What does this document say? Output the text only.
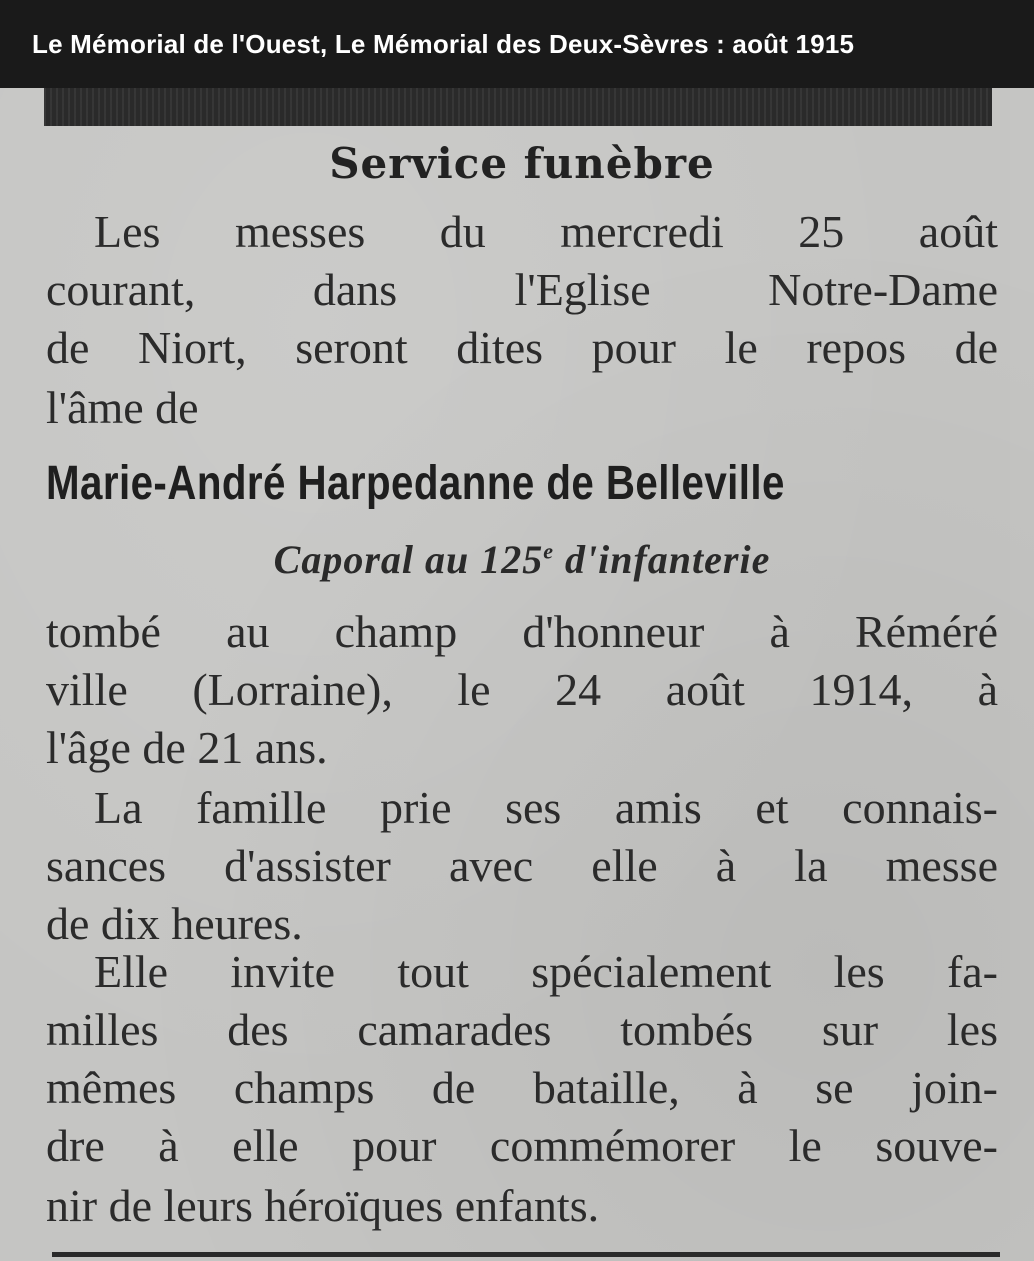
Le Mémorial de l'Ouest, Le Mémorial des Deux-Sèvres : août 1915
Service funèbre
Les messes du mercredi 25 août
courant, dans l'Eglise Notre-Dame
de Niort, seront dites pour le repos de
l'âme de
Marie-André Harpedanne de Belleville
Caporal au 125e d'infanterie
tombé au champ d'honneur à Réméré
ville (Lorraine), le 24 août 1914, à
l'âge de 21 ans.
La famille prie ses amis et connais-
sances d'assister avec elle à la messe
de dix heures.
Elle invite tout spécialement les fa-
milles des camarades tombés sur les
mêmes champs de bataille, à se join-
dre à elle pour commémorer le souve-
nir de leurs héroïques enfants.
